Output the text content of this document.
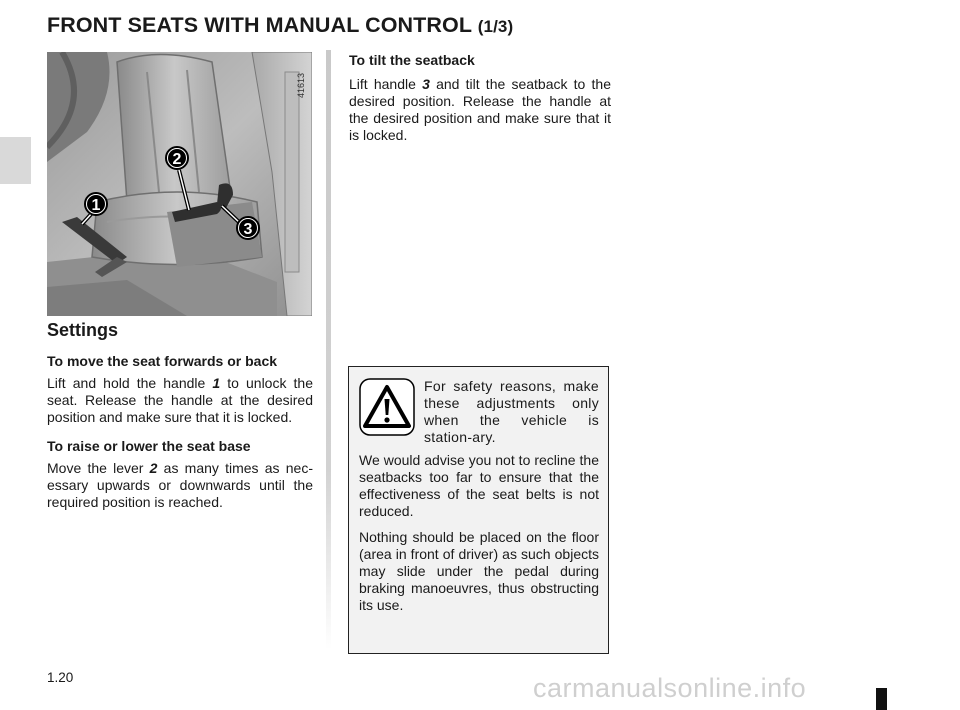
FRONT SEATS WITH MANUAL CONTROL (1/3)
1
2
3
41613
Settings

To move the seat forwards or back

Lift and hold the handle 1 to unlock the seat. Release the handle at the desired position and make sure that it is locked.

To raise or lower the seat base

Move the lever 2 as many times as nec-essary upwards or downwards until the required position is reached.

To tilt the seatback

Lift handle 3 and tilt the seatback to the desired position. Release the handle at the desired position and make sure that it is locked.

For safety reasons, make these adjustments only when the vehicle is station-ary.

We would advise you not to recline the seatbacks too far to ensure that the effectiveness of the seat belts is not reduced.

Nothing should be placed on the floor (area in front of driver) as such objects may slide under the pedal during braking manoeuvres, thus obstructing its use.

1.20	carmanualsonline.info
